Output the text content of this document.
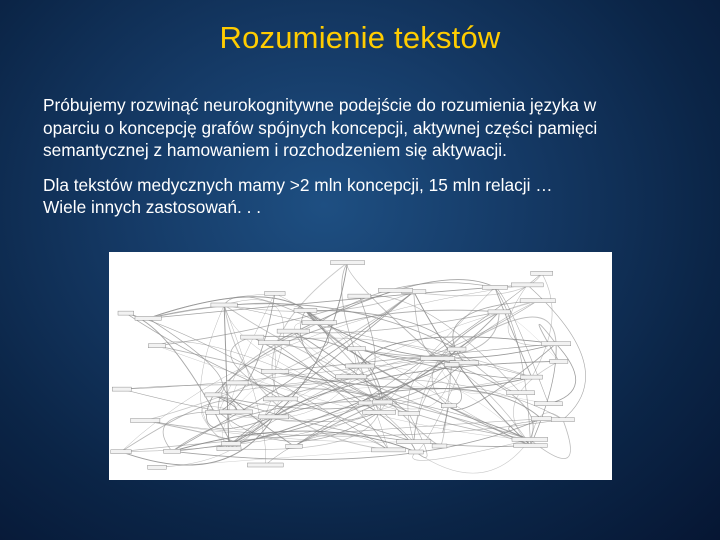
Rozumienie tekstów

Próbujemy rozwinąć neurokognitywne podejście do rozumienia języka w
oparciu o koncepcję grafów spójnych koncepcji, aktywnej części pamięci
semantycznej z hamowaniem i rozchodzeniem się aktywacji.

Dla tekstów medycznych mamy >2 mln koncepcji, 15 mln relacji …
Wiele innych zastosowań. . .
